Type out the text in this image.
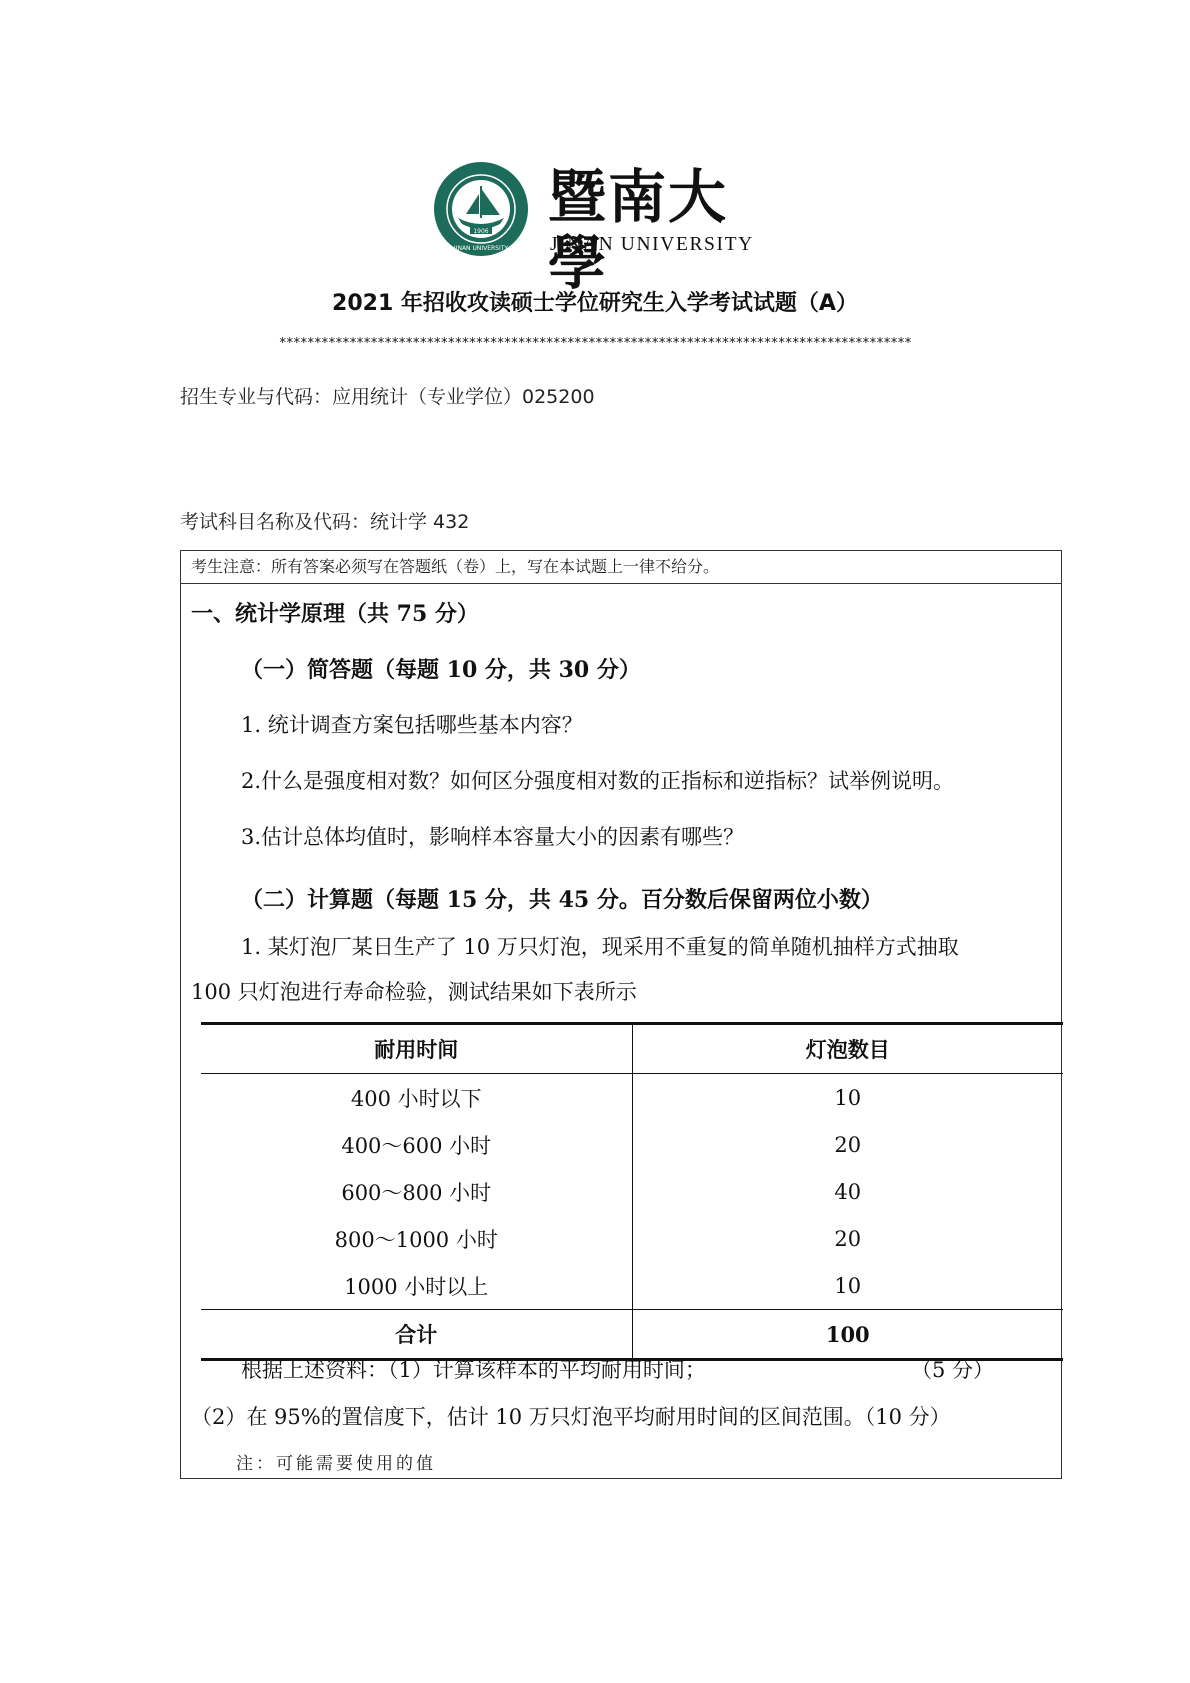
1906
JINAN UNIVERSITY
暨南大學
JINAN UNIVERSITY
2021 年招收攻读硕士学位研究生入学考试试题（A）
******************************************************************************************
招生专业与代码：应用统计（专业学位）025200
考试科目名称及代码：统计学 432
考生注意：所有答案必须写在答题纸（卷）上，写在本试题上一律不给分。
一、统计学原理（共 75 分）
（一）简答题（每题 10 分，共 30 分）
1. 统计调查方案包括哪些基本内容？
2.什么是强度相对数？如何区分强度相对数的正指标和逆指标？试举例说明。
3.估计总体均值时，影响样本容量大小的因素有哪些？
（二）计算题（每题 15 分，共 45 分。百分数后保留两位小数）
1. 某灯泡厂某日生产了 10 万只灯泡，现采用不重复的简单随机抽样方式抽取
100 只灯泡进行寿命检验，测试结果如下表所示
耐用时间	灯泡数目
400 小时以下	10
400～600 小时	20
600～800 小时	40
800～1000 小时	20
1000 小时以上	10
合计	100
根据上述资料：（1）计算该样本的平均耐用时间；	（5 分）
（2）在 95%的置信度下，估计 10 万只灯泡平均耐用时间的区间范围。（10 分）
注：可能需要使用的值
